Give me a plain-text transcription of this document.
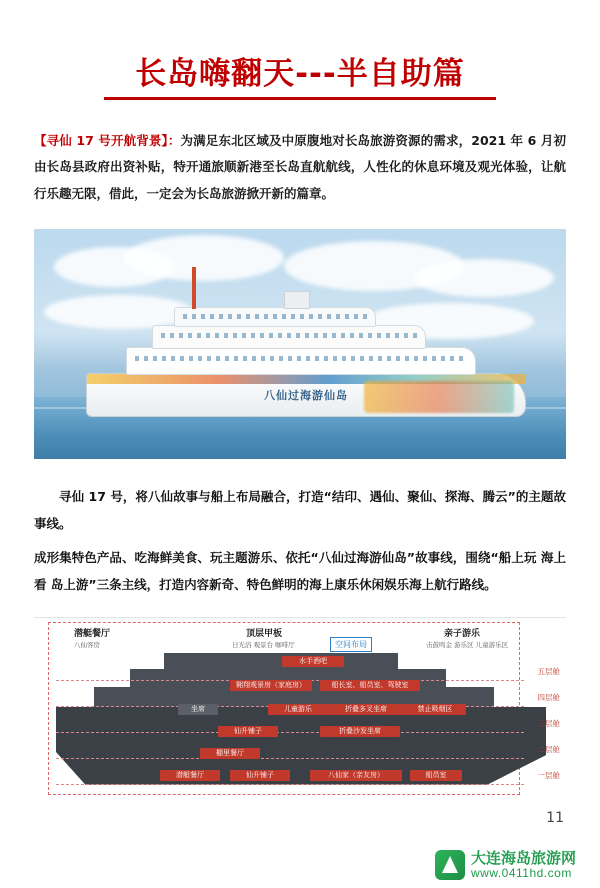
长岛嗨翻天---半自助篇
【寻仙 17 号开航背景】：为满足东北区域及中原腹地对长岛旅游资源的需求，2021 年 6 月初由长岛县政府出资补贴，特开通旅顺新港至长岛直航航线，人性化的休息环境及观光体验，让航行乐趣无限，借此，一定会为长岛旅游掀开新的篇章。
八仙过海游仙岛
寻仙 17 号，将八仙故事与船上布局融合，打造“结印、遇仙、聚仙、探海、腾云”的主题故事线。
成形集特色产品、吃海鲜美食、玩主题游乐、依托“八仙过海游仙岛”故事线，围绕“船上玩 海上看 岛上游”三条主线，打造内容新奇、特色鲜明的海上康乐休闲娱乐海上航行路线。
潜艇餐厅
八仙客房
顶层甲板
日光浴 观景台 咖啡厅	空间布局
亲子游乐
击鼓鸣金 游乐区 儿童游乐区
五层舱
四层舱
三层舱
二层舱
一层舱
水手酒吧
翱翔观景房（家庭房）	船长室、船员室、驾驶室
儿童游乐	折叠多叉坐席	禁止吸烟区
坐席
仙升铺子	折叠沙发坐席
棚里餐厅
潜艇餐厅	仙升铺子	八仙家（亲友房）	船员室
11
大连海岛旅游网
www.0411hd.com
